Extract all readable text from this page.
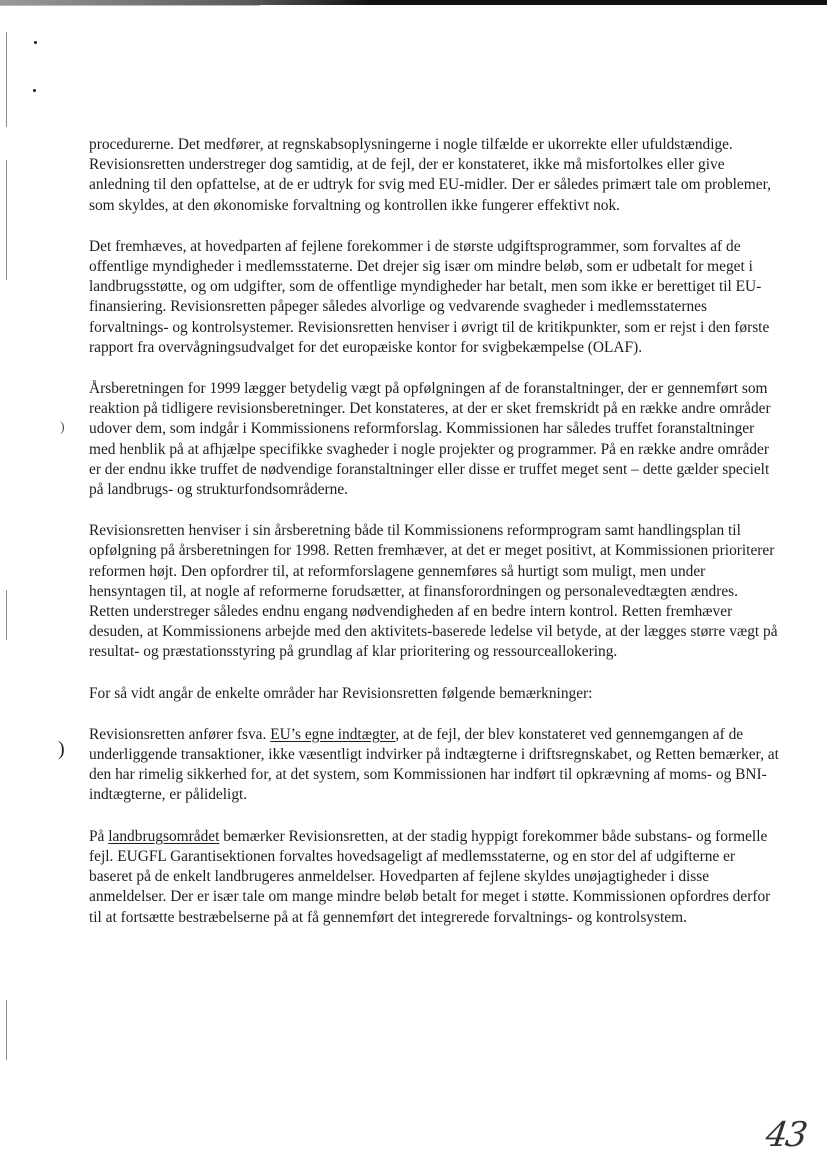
)
)

procedurerne. Det medfører, at regnskabsoplysningerne i nogle tilfælde er ukorrekte eller ufuldstændige. Revisionsretten understreger dog samtidig, at de fejl, der er konstateret, ikke må misfortolkes eller give anledning til den opfattelse, at de er udtryk for svig med EU-midler. Der er således primært tale om problemer, som skyldes, at den økonomiske forvaltning og kontrollen ikke fungerer effektivt nok.

Det fremhæves, at hovedparten af fejlene forekommer i de største udgiftsprogrammer, som forvaltes af de offentlige myndigheder i medlemsstaterne. Det drejer sig især om mindre beløb, som er udbetalt for meget i landbrugsstøtte, og om udgifter, som de offentlige myndigheder har betalt, men som ikke er berettiget til EU-finansiering. Revisionsretten påpeger således alvorlige og vedvarende svagheder i medlemsstaternes forvaltnings- og kontrolsystemer. Revisionsretten henviser i øvrigt til de kritikpunkter, som er rejst i den første rapport fra overvågningsudvalget for det europæiske kontor for svigbekæmpelse (OLAF).

Årsberetningen for 1999 lægger betydelig vægt på opfølgningen af de foranstaltninger, der er gennemført som reaktion på tidligere revisionsberetninger. Det konstateres, at der er sket fremskridt på en række andre områder udover dem, som indgår i Kommissionens reformforslag. Kommissionen har således truffet foranstaltninger med henblik på at afhjælpe specifikke svagheder i nogle projekter og programmer. På en række andre områder er der endnu ikke truffet de nødvendige foranstaltninger eller disse er truffet meget sent – dette gælder specielt på landbrugs- og strukturfondsområderne.

Revisionsretten henviser i sin årsberetning både til Kommissionens reformprogram samt handlingsplan til opfølgning på årsberetningen for 1998. Retten fremhæver, at det er meget positivt, at Kommissionen prioriterer reformen højt. Den opfordrer til, at reformforslagene gennemføres så hurtigt som muligt, men under hensyntagen til, at nogle af reformerne forudsætter, at finansforordningen og personalevedtægten ændres. Retten understreger således endnu engang nødvendigheden af en bedre intern kontrol. Retten fremhæver desuden, at Kommissionens arbejde med den aktivitets-baserede ledelse vil betyde, at der lægges større vægt på resultat- og præstationsstyring på grundlag af klar prioritering og ressourceallokering.

For så vidt angår de enkelte områder har Revisionsretten følgende bemærkninger:

Revisionsretten anfører fsva. EU’s egne indtægter, at de fejl, der blev konstateret ved gennemgangen af de underliggende transaktioner, ikke væsentligt indvirker på indtægterne i driftsregnskabet, og Retten bemærker, at den har rimelig sikkerhed for, at det system, som Kommissionen har indført til opkrævning af moms- og BNI-indtægterne, er pålideligt.

På landbrugsområdet bemærker Revisionsretten, at der stadig hyppigt forekommer både substans- og formelle fejl. EUGFL Garantisektionen forvaltes hovedsageligt af medlemsstaterne, og en stor del af udgifterne er baseret på de enkelt landbrugeres anmeldelser. Hovedparten af fejlene skyldes unøjagtigheder i disse anmeldelser. Der er især tale om mange mindre beløb betalt for meget i støtte. Kommissionen opfordres derfor til at fortsætte bestræbelserne på at få gennemført det integrerede forvaltnings- og kontrolsystem.

43
